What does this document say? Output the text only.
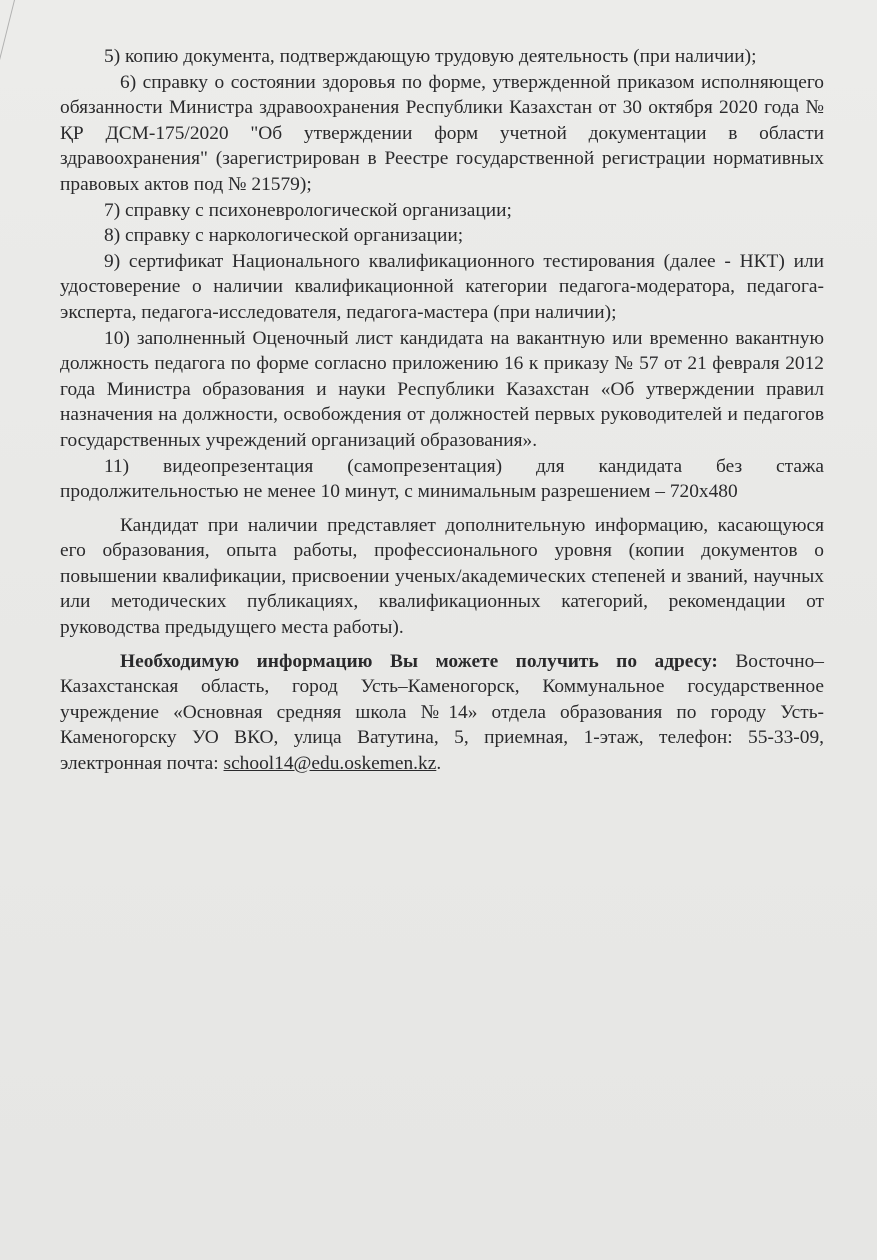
5) копию документа, подтверждающую трудовую деятельность (при наличии);

6) справку о состоянии здоровья по форме, утвержденной приказом исполняющего обязанности Министра здравоохранения Республики Казахстан от 30 октября 2020 года № ҚР ДСМ-175/2020 "Об утверждении форм учетной документации в области здравоохранения" (зарегистрирован в Реестре государственной регистрации нормативных правовых актов под № 21579);

7) справку с психоневрологической организации;

8) справку с наркологической организации;

9) сертификат Национального квалификационного тестирования (далее - НКТ) или удостоверение о наличии квалификационной категории педагога-модератора, педагога-эксперта, педагога-исследователя, педагога-мастера (при наличии);

10) заполненный Оценочный лист кандидата на вакантную или временно вакантную должность педагога по форме согласно приложению 16 к приказу № 57 от 21 февраля 2012 года Министра образования и науки Республики Казахстан «Об утверждении правил назначения на должности, освобождения от должностей первых руководителей и педагогов государственных учреждений организаций образования».

11) видеопрезентация (самопрезентация) для кандидата без стажа продолжительностью не менее 10 минут, с минимальным разрешением – 720x480

Кандидат при наличии представляет дополнительную информацию, касающуюся его образования, опыта работы, профессионального уровня (копии документов о повышении квалификации, присвоении ученых/академических степеней и званий, научных или методических публикациях, квалификационных категорий, рекомендации от руководства предыдущего места работы).

Необходимую информацию Вы можете получить по адресу: Восточно–Казахстанская область, город Усть–Каменогорск, Коммунальное государственное учреждение «Основная средняя школа №14» отдела образования по городу Усть-Каменогорску УО ВКО, улица Ватутина, 5, приемная, 1-этаж, телефон: 55-33-09, электронная почта: school14@edu.oskemen.kz.
